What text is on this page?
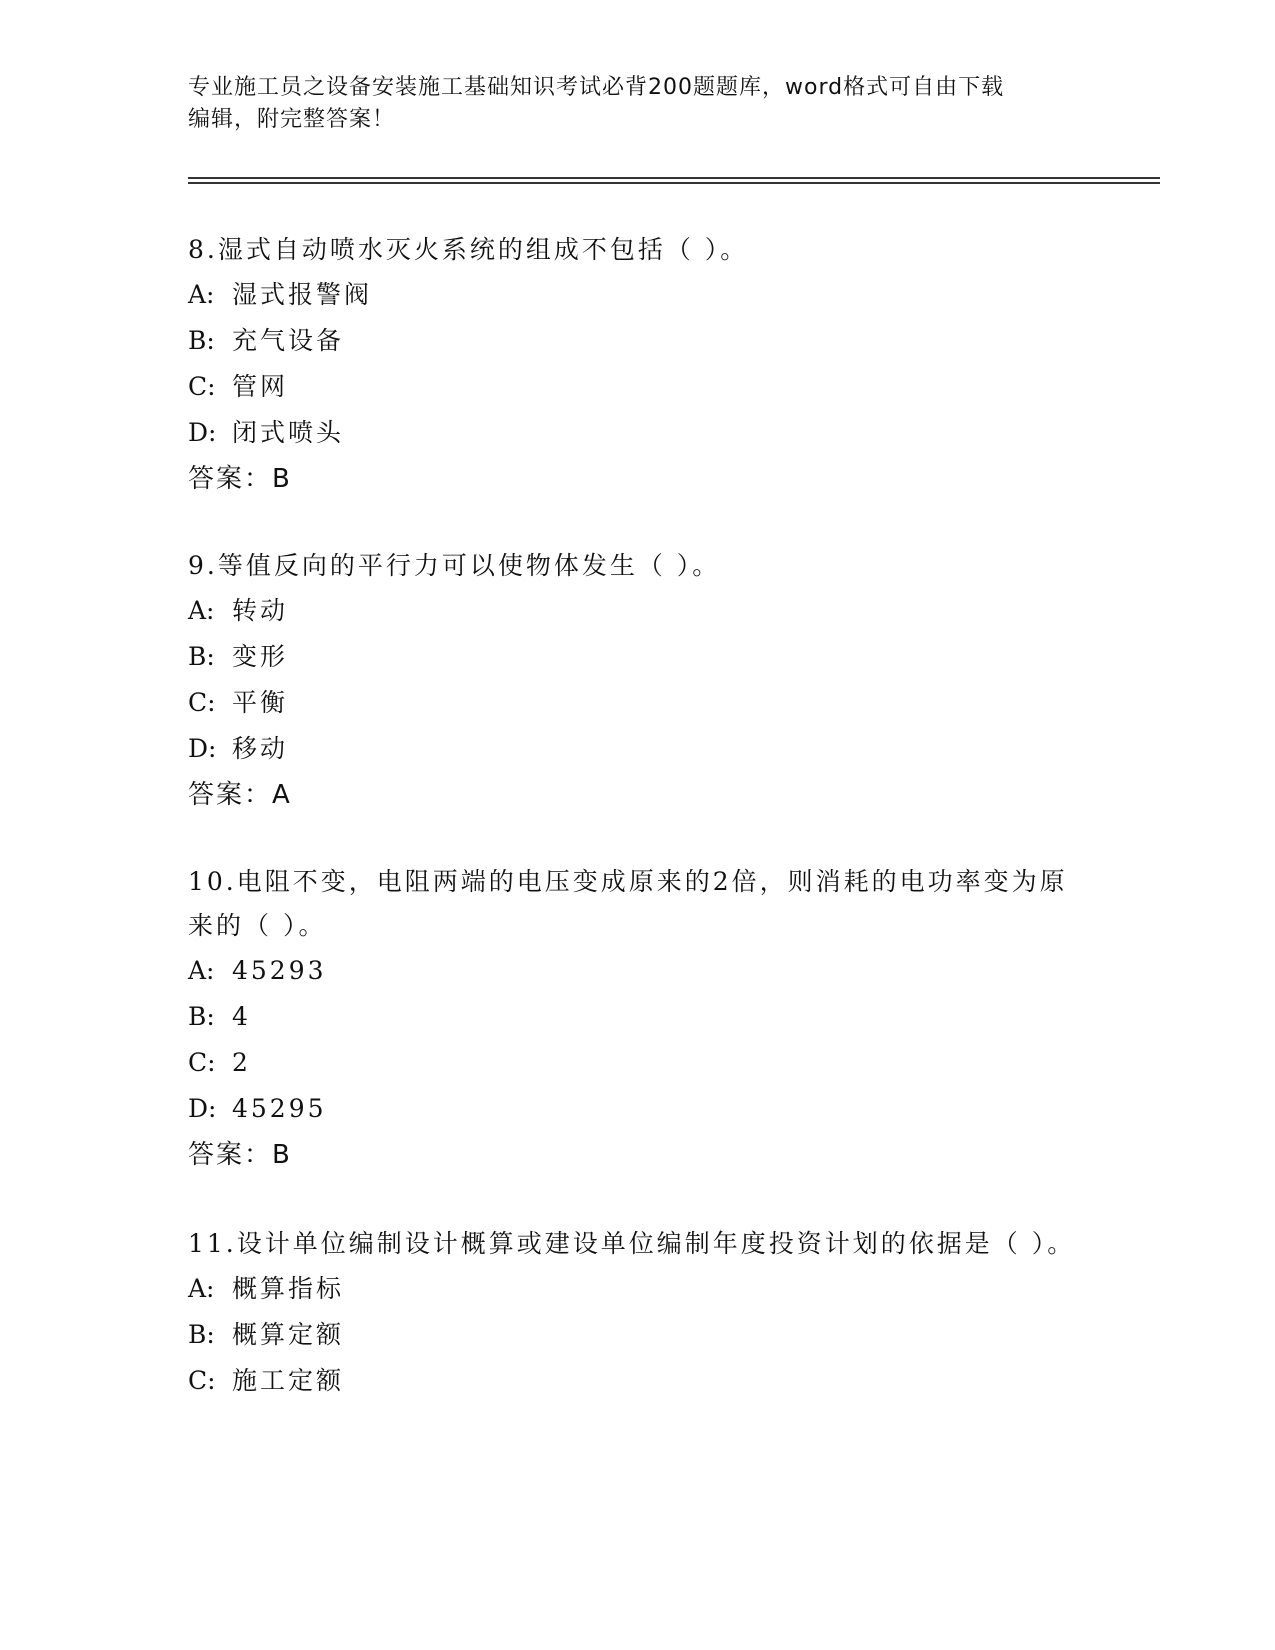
专业施工员之设备安装施工基础知识考试必背200题题库，word格式可自由下载
编辑，附完整答案！
8.湿式自动喷水灭火系统的组成不包括（ ）。
A: 湿式报警阀
B: 充气设备
C: 管网
D: 闭式喷头
答案：B
9.等值反向的平行力可以使物体发生（ ）。
A: 转动
B: 变形
C: 平衡
D: 移动
答案：A
10.电阻不变，电阻两端的电压变成原来的2倍，则消耗的电功率变为原来的（ ）。
A: 45293
B: 4
C: 2
D: 45295
答案：B
11.设计单位编制设计概算或建设单位编制年度投资计划的依据是（ ）。
A: 概算指标
B: 概算定额
C: 施工定额
